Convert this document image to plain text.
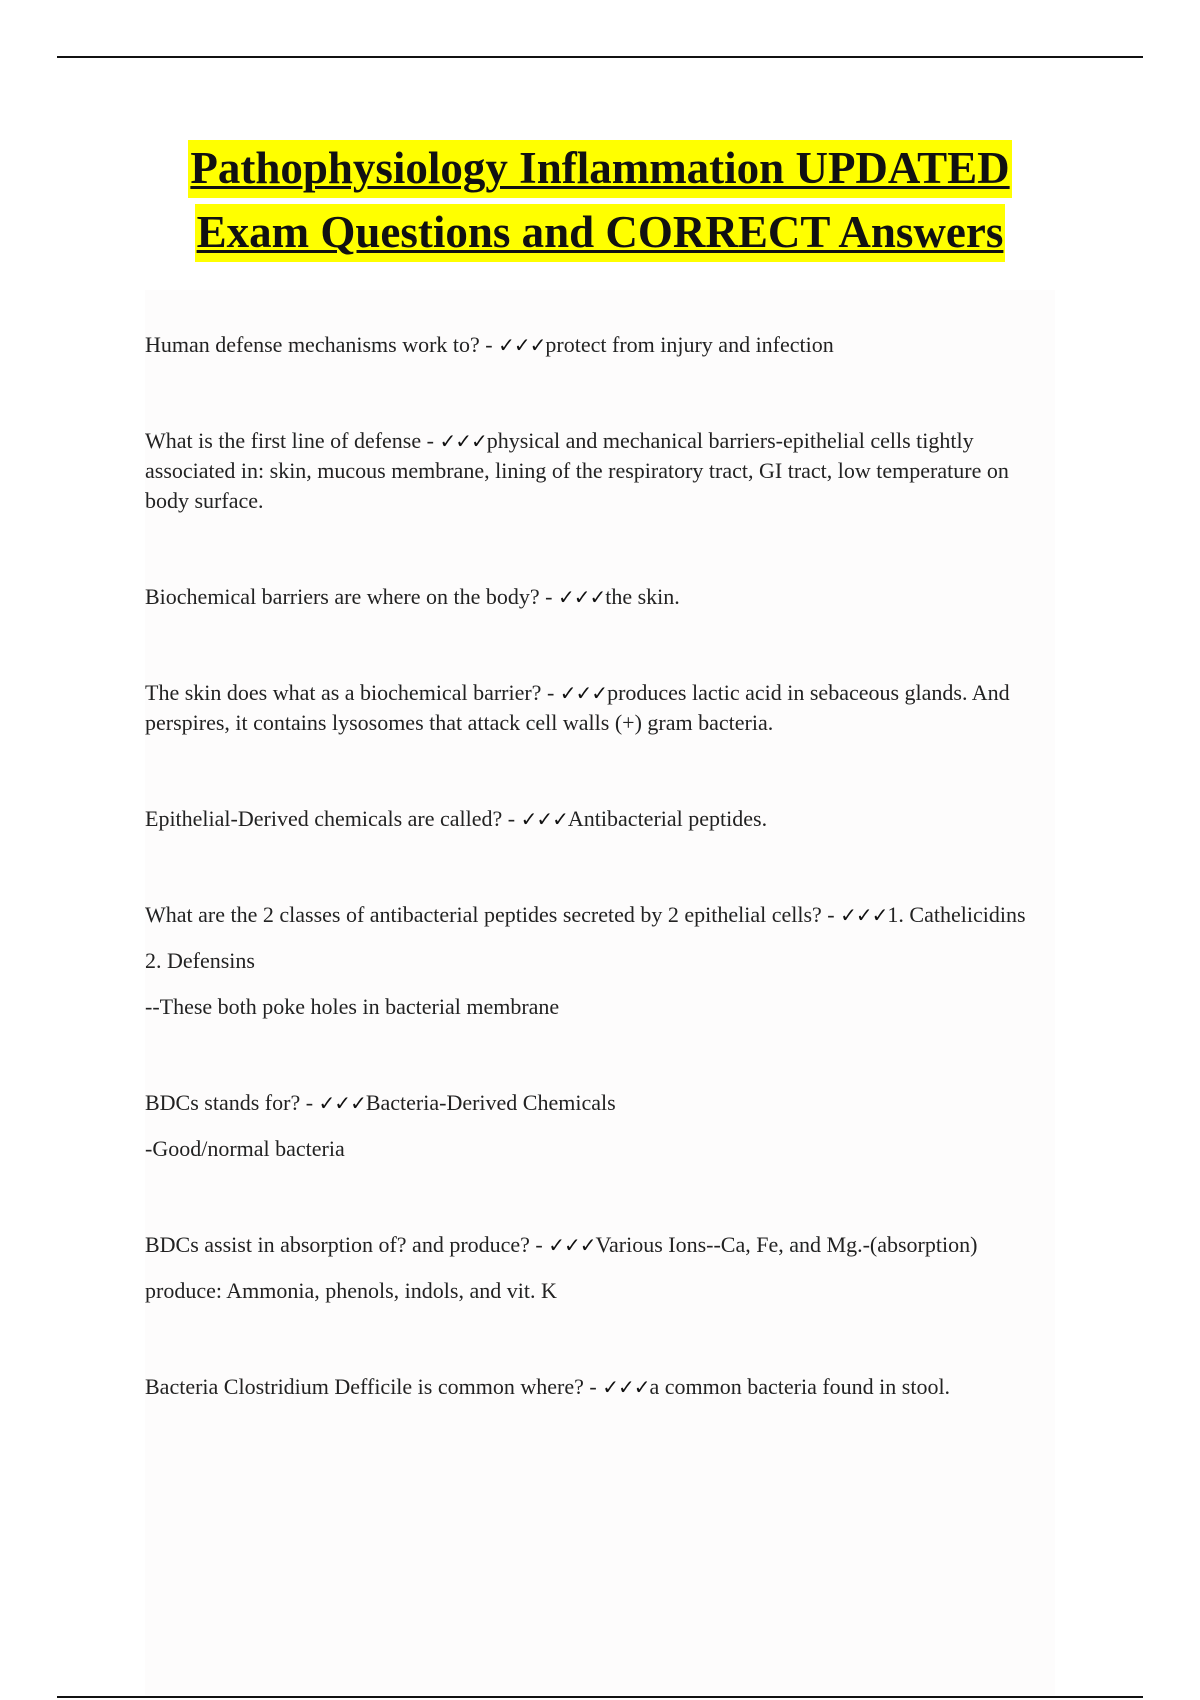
Pathophysiology Inflammation UPDATED
Exam Questions and CORRECT Answers

Human defense mechanisms work to? - ✓✓✓protect from injury and infection

What is the first line of defense - ✓✓✓physical and mechanical barriers-epithelial cells tightly associated in: skin, mucous membrane, lining of the respiratory tract, GI tract, low temperature on body surface.

Biochemical barriers are where on the body? - ✓✓✓the skin.

The skin does what as a biochemical barrier? - ✓✓✓produces lactic acid in sebaceous glands. And perspires, it contains lysosomes that attack cell walls (+) gram bacteria.

Epithelial-Derived chemicals are called? - ✓✓✓Antibacterial peptides.

What are the 2 classes of antibacterial peptides secreted by 2 epithelial cells? - ✓✓✓1. Cathelicidins

2. Defensins

--These both poke holes in bacterial membrane

BDCs stands for? - ✓✓✓Bacteria-Derived Chemicals

-Good/normal bacteria

BDCs assist in absorption of? and produce? - ✓✓✓Various Ions--Ca, Fe, and Mg.-(absorption)

produce: Ammonia, phenols, indols, and vit. K

Bacteria Clostridium Defficile is common where? - ✓✓✓a common bacteria found in stool.
